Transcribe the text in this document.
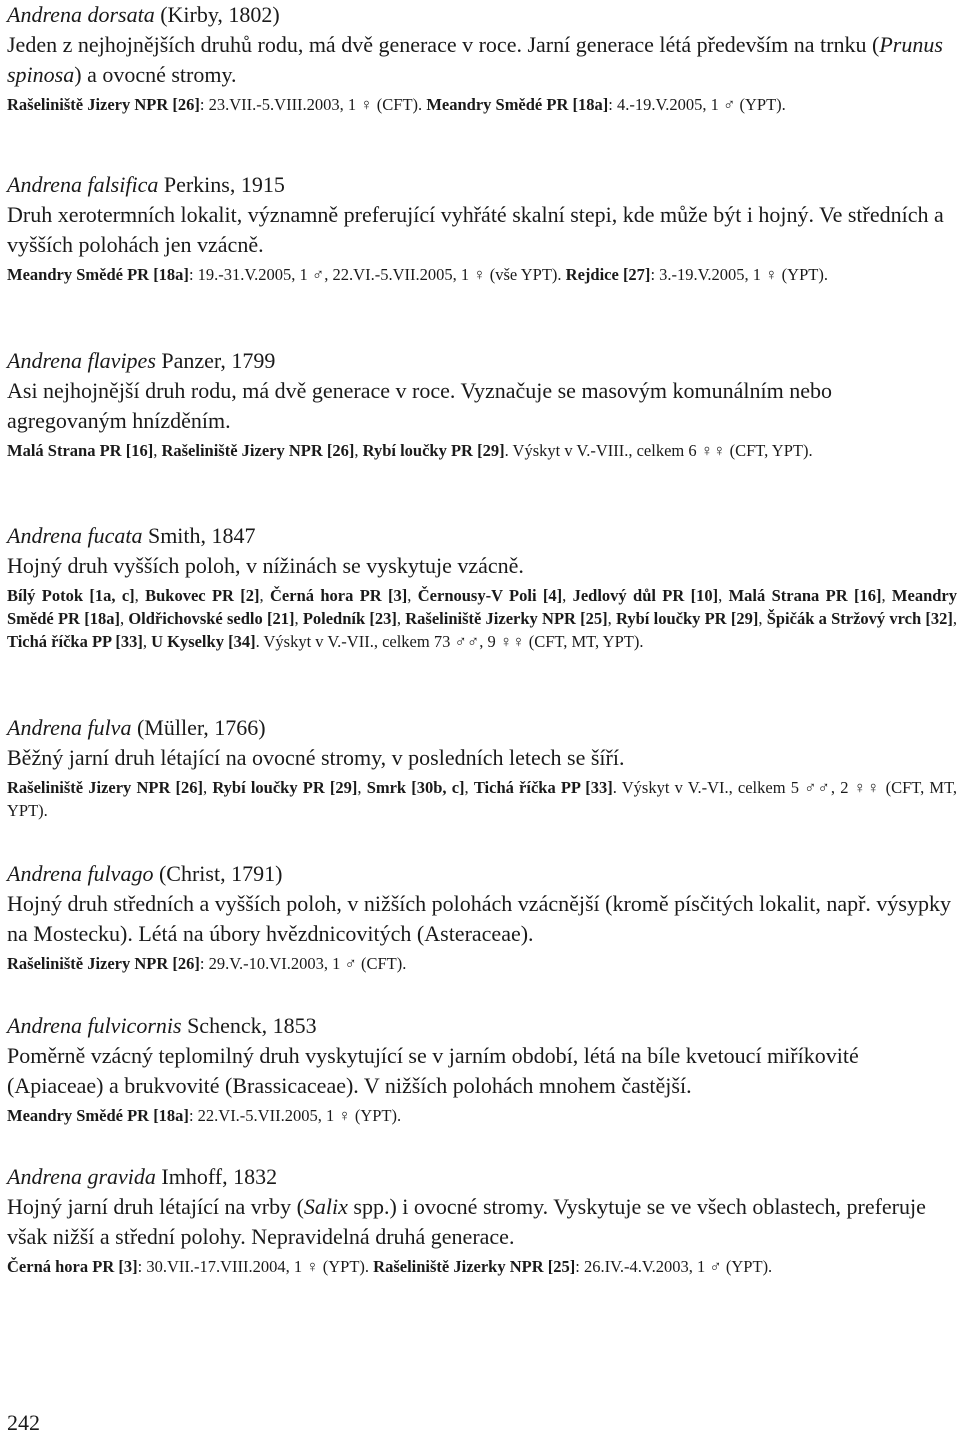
Andrena dorsata (Kirby, 1802)
Jeden z nejhojnějších druhů rodu, má dvě generace v roce. Jarní generace létá především na trnku (Prunus spinosa) a ovocné stromy.
Rašeliniště Jizery NPR [26]: 23.VII.-5.VIII.2003, 1 ♀ (CFT). Meandry Smědé PR [18a]: 4.-19.V.2005, 1 ♂ (YPT).
Andrena falsifica Perkins, 1915
Druh xerotermních lokalit, významně preferující vyhřáté skalní stepi, kde může být i hojný. Ve středních a vyšších polohách jen vzácně.
Meandry Smědé PR [18a]: 19.-31.V.2005, 1 ♂, 22.VI.-5.VII.2005, 1 ♀ (vše YPT). Rejdice [27]: 3.-19.V.2005, 1 ♀ (YPT).
Andrena flavipes Panzer, 1799
Asi nejhojnější druh rodu, má dvě generace v roce. Vyznačuje se masovým komunálním nebo agregovaným hnízděním.
Malá Strana PR [16], Rašeliniště Jizery NPR [26], Rybí loučky PR [29]. Výskyt v V.-VIII., celkem 6 ♀♀ (CFT, YPT).
Andrena fucata Smith, 1847
Hojný druh vyšších poloh, v nížinách se vyskytuje vzácně.
Bílý Potok [1a, c], Bukovec PR [2], Černá hora PR [3], Černousy-V Poli [4], Jedlový důl PR [10], Malá Strana PR [16], Meandry Smědé PR [18a], Oldřichovské sedlo [21], Poledník [23], Rašeliniště Jizerky NPR [25], Rybí loučky PR [29], Špičák a Stržový vrch [32], Tichá říčka PP [33], U Kyselky [34]. Výskyt v V.-VII., celkem 73 ♂♂, 9 ♀♀ (CFT, MT, YPT).
Andrena fulva (Müller, 1766)
Běžný jarní druh létající na ovocné stromy, v posledních letech se šíří.
Rašeliniště Jizery NPR [26], Rybí loučky PR [29], Smrk [30b, c], Tichá říčka PP [33]. Výskyt v V.-VI., celkem 5 ♂♂, 2 ♀♀ (CFT, MT, YPT).
Andrena fulvago (Christ, 1791)
Hojný druh středních a vyšších poloh, v nižších polohách vzácnější (kromě písčitých lokalit, např. výsypky na Mostecku). Létá na úbory hvězdnicovitých (Asteraceae).
Rašeliniště Jizery NPR [26]: 29.V.-10.VI.2003, 1 ♂ (CFT).
Andrena fulvicornis Schenck, 1853
Poměrně vzácný teplomilný druh vyskytující se v jarním období, létá na bíle kvetoucí miříkovité (Apiaceae) a brukvovité (Brassicaceae). V nižších polohách mnohem častější.
Meandry Smědé PR [18a]: 22.VI.-5.VII.2005, 1 ♀ (YPT).
Andrena gravida Imhoff, 1832
Hojný jarní druh létající na vrby (Salix spp.) i ovocné stromy. Vyskytuje se ve všech oblastech, preferuje však nižší a střední polohy. Nepravidelná druhá generace.
Černá hora PR [3]: 30.VII.-17.VIII.2004, 1 ♀ (YPT). Rašeliniště Jizerky NPR [25]: 26.IV.-4.V.2003, 1 ♂ (YPT).
242
